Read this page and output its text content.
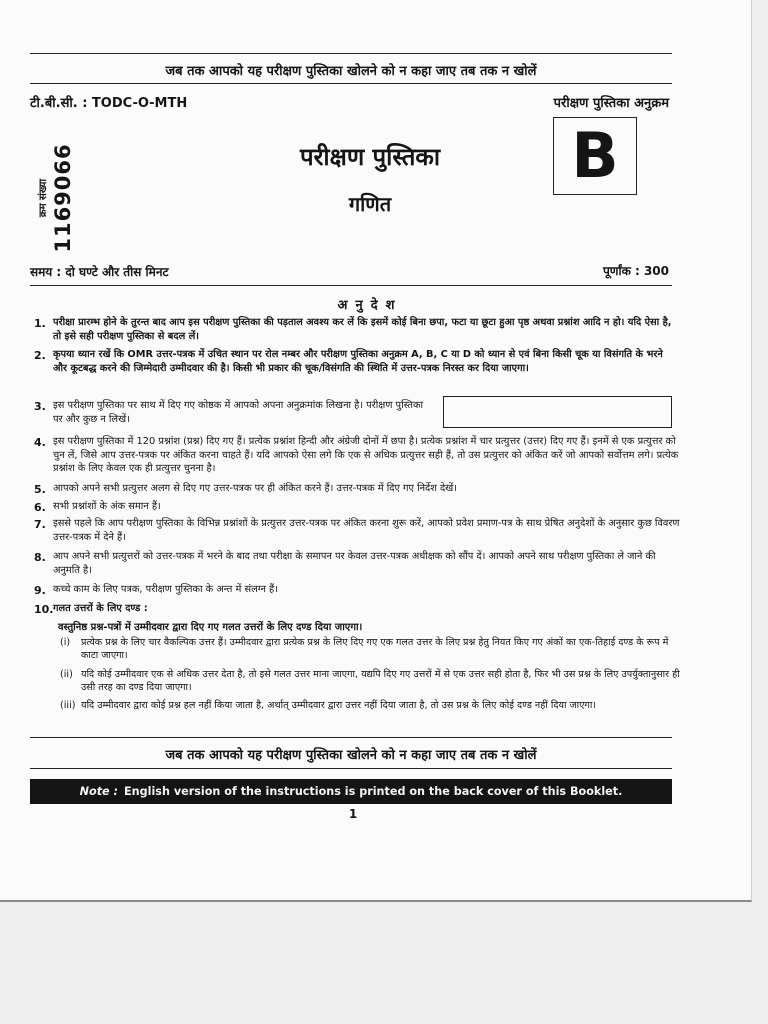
जब तक आपको यह परीक्षण पुस्तिका खोलने को न कहा जाए तब तक न खोलें
टी.बी.सी. : TODC-O-MTH	परीक्षण पुस्तिका अनुक्रम
क्रम संख्या 1169066	परीक्षण पुस्तिका
गणित
B
समय : दो घण्टे और तीस मिनट	पूर्णांक : 300
अनुदेश
1. परीक्षा प्रारम्भ होने के तुरन्त बाद आप इस परीक्षण पुस्तिका की पड़ताल अवश्य कर लें कि इसमें कोई बिना छपा, फटा या छूटा हुआ पृष्ठ अथवा प्रश्नांश आदि न हो। यदि ऐसा है, तो इसे सही परीक्षण पुस्तिका से बदल लें।
2. कृपया ध्यान रखें कि OMR उत्तर-पत्रक में उचित स्थान पर रोल नम्बर और परीक्षण पुस्तिका अनुक्रम A, B, C या D को ध्यान से एवं बिना किसी चूक या विसंगति के भरने और कूटबद्ध करने की जिम्मेदारी उम्मीदवार की है। किसी भी प्रकार की चूक/विसंगति की स्थिति में उत्तर-पत्रक निरस्त कर दिया जाएगा।
3. इस परीक्षण पुस्तिका पर साथ में दिए गए कोष्ठक में आपको अपना अनुक्रमांक लिखना है। परीक्षण पुस्तिका पर और कुछ न लिखें।
4. इस परीक्षण पुस्तिका में 120 प्रश्नांश (प्रश्न) दिए गए हैं। प्रत्येक प्रश्नांश हिन्दी और अंग्रेजी दोनों में छपा है। प्रत्येक प्रश्नांश में चार प्रत्युत्तर (उत्तर) दिए गए हैं। इनमें से एक प्रत्युत्तर को चुन लें, जिसे आप उत्तर-पत्रक पर अंकित करना चाहते हैं। यदि आपको ऐसा लगे कि एक से अधिक प्रत्युत्तर सही हैं, तो उस प्रत्युत्तर को अंकित करें जो आपको सर्वोत्तम लगे। प्रत्येक प्रश्नांश के लिए केवल एक ही प्रत्युत्तर चुनना है।
5. आपको अपने सभी प्रत्युत्तर अलग से दिए गए उत्तर-पत्रक पर ही अंकित करने हैं। उत्तर-पत्रक में दिए गए निर्देश देखें।
6. सभी प्रश्नांशों के अंक समान हैं।
7. इससे पहले कि आप परीक्षण पुस्तिका के विभिन्न प्रश्नांशों के प्रत्युत्तर उत्तर-पत्रक पर अंकित करना शुरू करें, आपको प्रवेश प्रमाण-पत्र के साथ प्रेषित अनुदेशों के अनुसार कुछ विवरण उत्तर-पत्रक में देने हैं।
8. आप अपने सभी प्रत्युत्तरों को उत्तर-पत्रक में भरने के बाद तथा परीक्षा के समापन पर केवल उत्तर-पत्रक अधीक्षक को सौंप दें। आपको अपने साथ परीक्षण पुस्तिका ले जाने की अनुमति है।
9. कच्चे काम के लिए पत्रक, परीक्षण पुस्तिका के अन्त में संलग्न हैं।
10. गलत उत्तरों के लिए दण्ड :
वस्तुनिष्ठ प्रश्न-पत्रों में उम्मीदवार द्वारा दिए गए गलत उत्तरों के लिए दण्ड दिया जाएगा।
(i) प्रत्येक प्रश्न के लिए चार वैकल्पिक उत्तर हैं। उम्मीदवार द्वारा प्रत्येक प्रश्न के लिए दिए गए एक गलत उत्तर के लिए प्रश्न हेतु नियत किए गए अंकों का एक-तिहाई दण्ड के रूप में काटा जाएगा।
(ii) यदि कोई उम्मीदवार एक से अधिक उत्तर देता है, तो इसे गलत उत्तर माना जाएगा, यद्यपि दिए गए उत्तरों में से एक उत्तर सही होता है, फिर भी उस प्रश्न के लिए उपर्युक्तानुसार ही उसी तरह का दण्ड दिया जाएगा।
(iii) यदि उम्मीदवार द्वारा कोई प्रश्न हल नहीं किया जाता है, अर्थात् उम्मीदवार द्वारा उत्तर नहीं दिया जाता है, तो उस प्रश्न के लिए कोई दण्ड नहीं दिया जाएगा।
जब तक आपको यह परीक्षण पुस्तिका खोलने को न कहा जाए तब तक न खोलें
Note : English version of the instructions is printed on the back cover of this Booklet.
1
